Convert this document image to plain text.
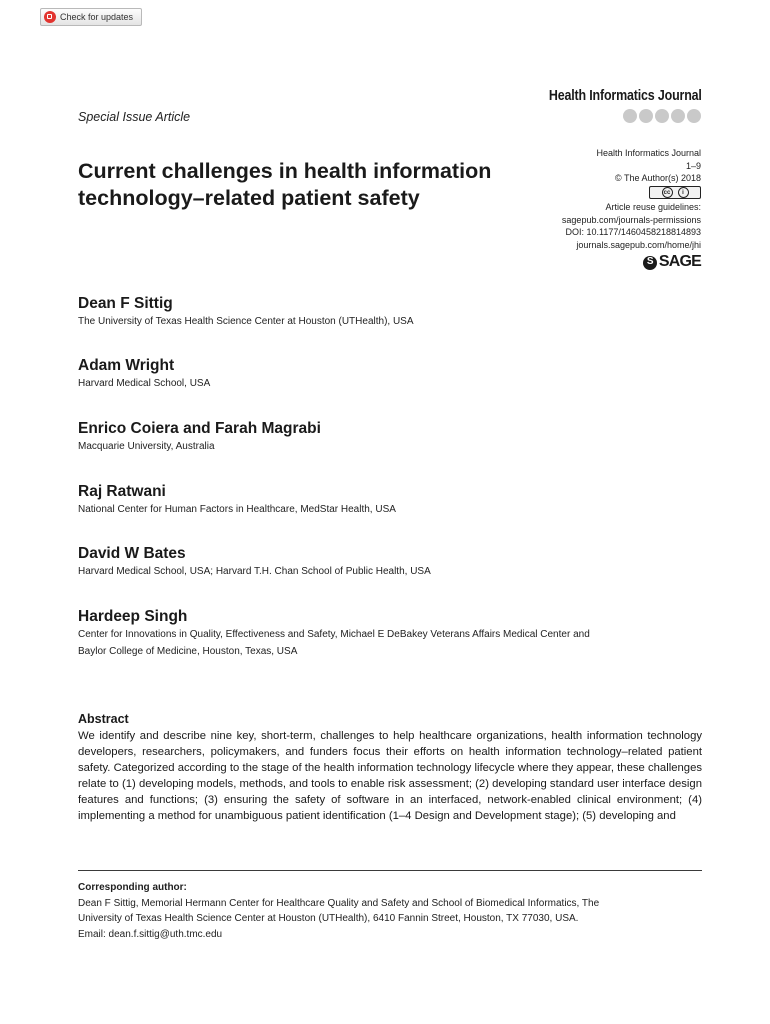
Check for updates
Health Informatics Journal
Special Issue Article
Current challenges in health information technology–related patient safety
Health Informatics Journal
1–9
© The Author(s) 2018
cc	i
Article reuse guidelines:
sagepub.com/journals-permissions
DOI: 10.1177/1460458218814893
journals.sagepub.com/home/jhi
S SAGE

Dean F Sittig

The University of Texas Health Science Center at Houston (UTHealth), USA

Adam Wright

Harvard Medical School, USA

Enrico Coiera and Farah Magrabi

Macquarie University, Australia

Raj Ratwani

National Center for Human Factors in Healthcare, MedStar Health, USA

David W Bates

Harvard Medical School, USA; Harvard T.H. Chan School of Public Health, USA

Hardeep Singh

Center for Innovations in Quality, Effectiveness and Safety, Michael E DeBakey Veterans Affairs Medical Center and
Baylor College of Medicine, Houston, Texas, USA

Abstract

We identify and describe nine key, short-term, challenges to help healthcare organizations, health information technology developers, researchers, policymakers, and funders focus their efforts on health information technology–related patient safety. Categorized according to the stage of the health information technology lifecycle where they appear, these challenges relate to (1) developing models, methods, and tools to enable risk assessment; (2) developing standard user interface design features and functions; (3) ensuring the safety of software in an interfaced, network-enabled clinical environment; (4) implementing a method for unambiguous patient identification (1–4 Design and Development stage); (5) developing and

Corresponding author:
Dean F Sittig, Memorial Hermann Center for Healthcare Quality and Safety and School of Biomedical Informatics, The
University of Texas Health Science Center at Houston (UTHealth), 6410 Fannin Street, Houston, TX 77030, USA.
Email: dean.f.sittig@uth.tmc.edu
